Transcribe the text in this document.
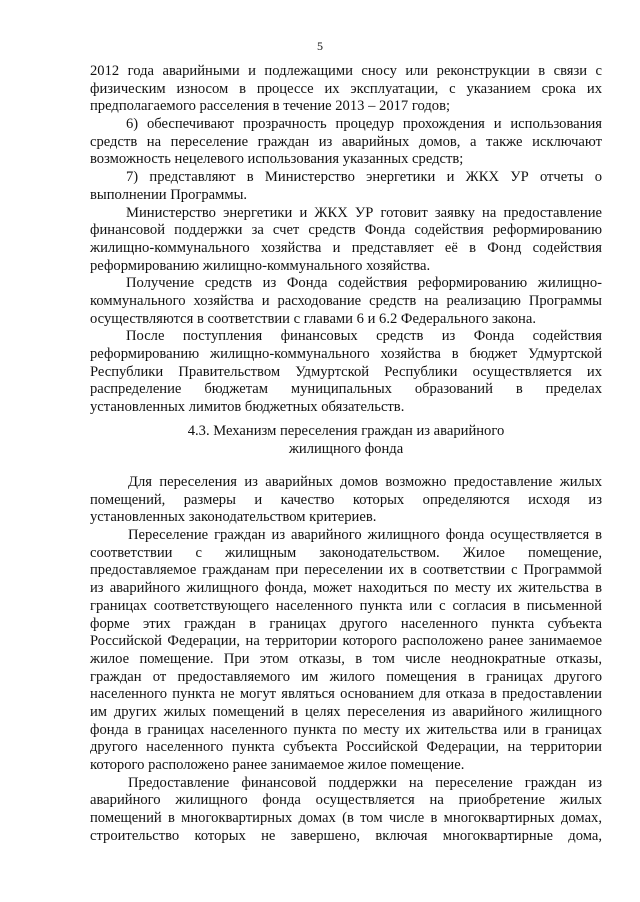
5
2012 года аварийными и подлежащими сносу или реконструкции в связи с
физическим износом в процессе их эксплуатации, с указанием срока их
предполагаемого расселения в течение 2013 – 2017 годов;
6) обеспечивают прозрачность процедур прохождения и использования
средств на переселение граждан из аварийных домов, а также исключают
возможность нецелевого использования указанных средств;
7) представляют в Министерство энергетики и ЖКХ УР отчеты о
выполнении Программы.
Министерство энергетики и ЖКХ УР готовит заявку на предоставление
финансовой поддержки за счет средств Фонда содействия реформированию
жилищно-коммунального хозяйства и представляет её в Фонд содействия
реформированию жилищно-коммунального хозяйства.
Получение средств из Фонда содействия реформированию жилищно-
коммунального хозяйства и расходование средств на реализацию Программы
осуществляются в соответствии с главами 6 и 6.2 Федерального закона.
После поступления финансовых средств из Фонда содействия
реформированию жилищно-коммунального хозяйства в бюджет Удмуртской
Республики Правительством Удмуртской Республики осуществляется их
распределение бюджетам муниципальных образований в пределах
установленных лимитов бюджетных обязательств.
4.3. Механизм переселения граждан из аварийного
жилищного фонда
Для переселения из аварийных домов возможно предоставление жилых
помещений, размеры и качество которых определяются исходя из
установленных законодательством критериев.
Переселение граждан из аварийного жилищного фонда осуществляется в
соответствии с жилищным законодательством. Жилое помещение,
предоставляемое гражданам при переселении их в соответствии с Программой
из аварийного жилищного фонда, может находиться по месту их жительства в
границах соответствующего населенного пункта или с согласия в письменной
форме этих граждан в границах другого населенного пункта субъекта
Российской Федерации, на территории которого расположено ранее занимаемое
жилое помещение. При этом отказы, в том числе неоднократные отказы,
граждан от предоставляемого им жилого помещения в границах другого
населенного пункта не могут являться основанием для отказа в предоставлении
им других жилых помещений в целях переселения из аварийного жилищного
фонда в границах населенного пункта по месту их жительства или в границах
другого населенного пункта субъекта Российской Федерации, на территории
которого расположено ранее занимаемое жилое помещение.
Предоставление финансовой поддержки на переселение граждан из
аварийного жилищного фонда осуществляется на приобретение жилых
помещений в многоквартирных домах (в том числе в многоквартирных домах,
строительство которых не завершено, включая многоквартирные дома,
